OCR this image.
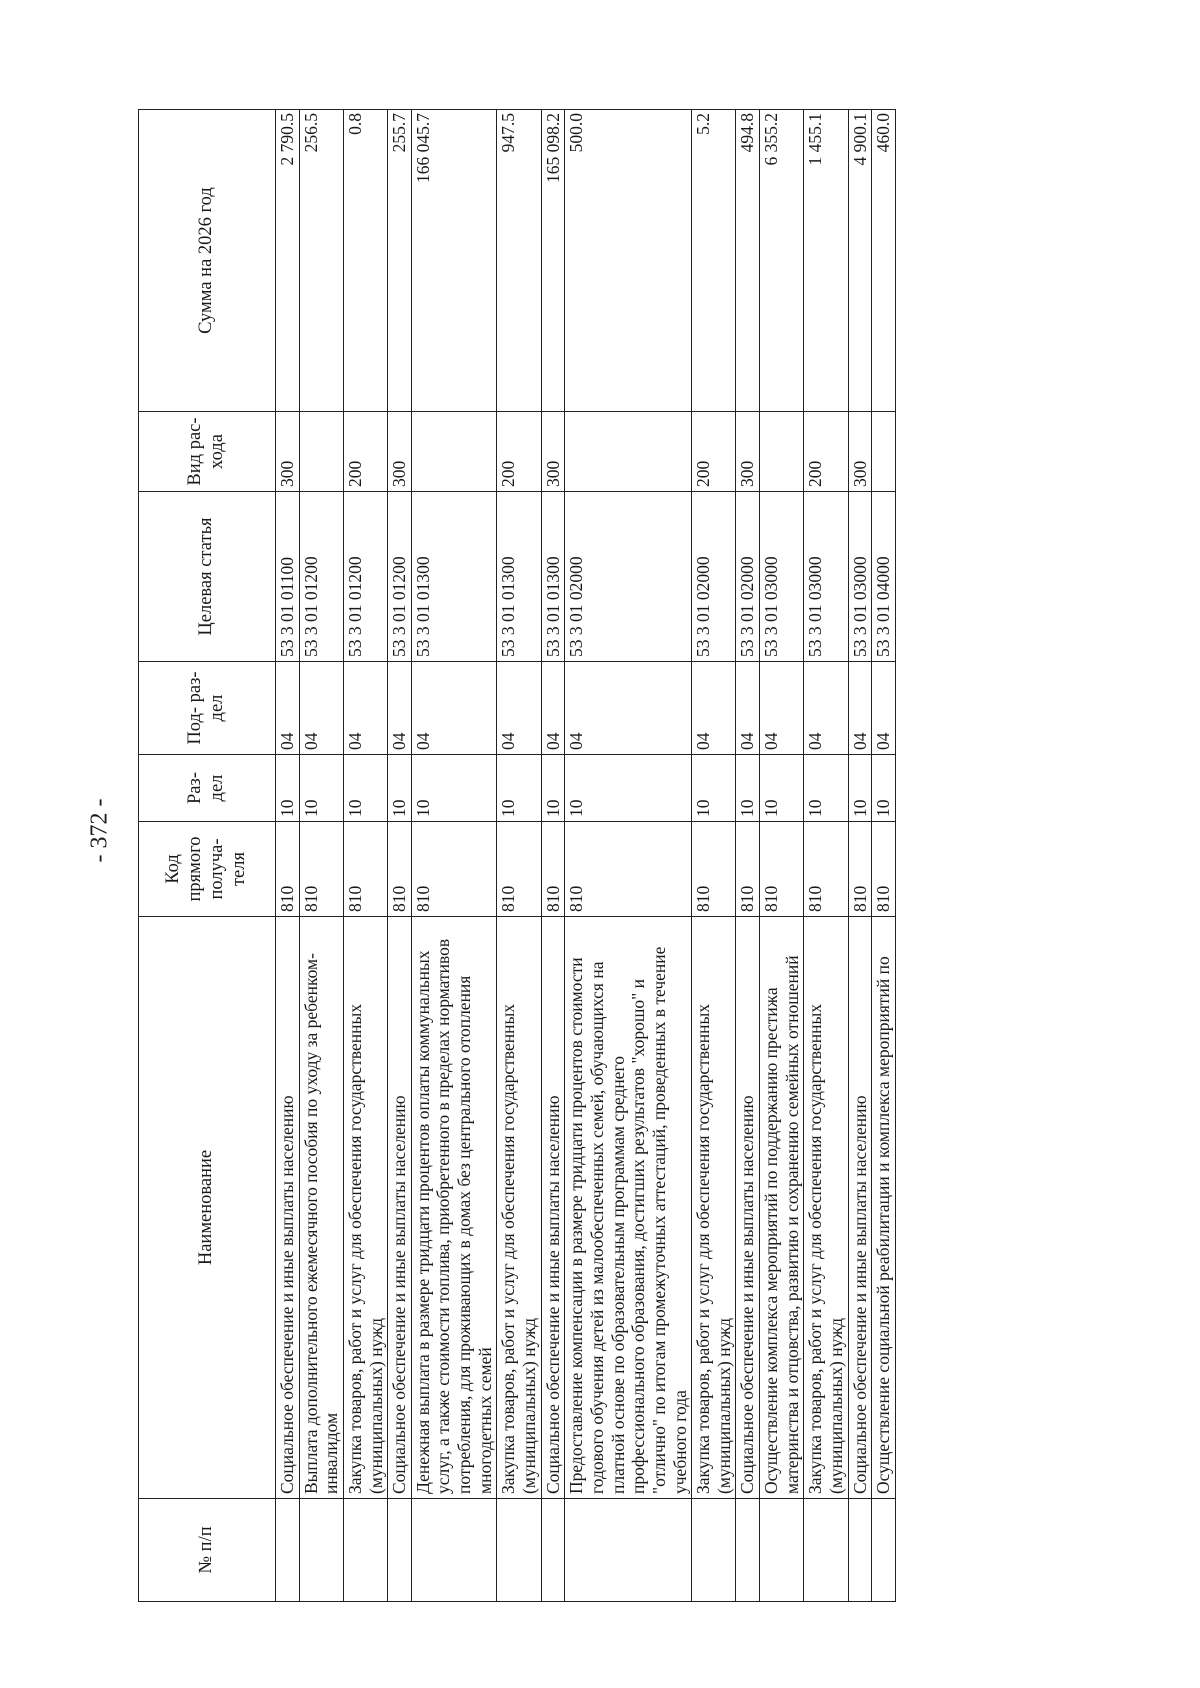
- 372 -
№ п/п	Наименование	Код прямого получа- теля	Раз- дел	Под- раз- дел	Целевая статья	Вид рас- хода	Сумма на 2026 год
	Социальное обеспечение и иные выплаты населению	810	10	04	53 3 01 01100	300	2 790.5
	Выплата дополнительного ежемесячного пособия по уходу за ребенком-инвалидом	810	10	04	53 3 01 01200		256.5
	Закупка товаров, работ и услуг для обеспечения государственных (муниципальных) нужд	810	10	04	53 3 01 01200	200	0.8
	Социальное обеспечение и иные выплаты населению	810	10	04	53 3 01 01200	300	255.7
	Денежная выплата в размере тридцати процентов оплаты коммунальных услуг, а также стоимости топлива, приобретенного в пределах нормативов потребления, для проживающих в домах без центрального отопления многодетных семей	810	10	04	53 3 01 01300		166 045.7
	Закупка товаров, работ и услуг для обеспечения государственных (муниципальных) нужд	810	10	04	53 3 01 01300	200	947.5
	Социальное обеспечение и иные выплаты населению	810	10	04	53 3 01 01300	300	165 098.2
	Предоставление компенсации в размере тридцати процентов стоимости годового обучения детей из малообеспеченных семей, обучающихся на платной основе по образовательным программам среднего профессионального образования, достигших результатов "хорошо" и "отлично" по итогам промежуточных аттестаций, проведенных в течение учебного года	810	10	04	53 3 01 02000		500.0
	Закупка товаров, работ и услуг для обеспечения государственных (муниципальных) нужд	810	10	04	53 3 01 02000	200	5.2
	Социальное обеспечение и иные выплаты населению	810	10	04	53 3 01 02000	300	494.8
	Осуществление комплекса мероприятий по поддержанию престижа материнства и отцовства, развитию и сохранению семейных отношений	810	10	04	53 3 01 03000		6 355.2
	Закупка товаров, работ и услуг для обеспечения государственных (муниципальных) нужд	810	10	04	53 3 01 03000	200	1 455.1
	Социальное обеспечение и иные выплаты населению	810	10	04	53 3 01 03000	300	4 900.1
	Осуществление социальной реабилитации и комплекса мероприятий по	810	10	04	53 3 01 04000		460.0
